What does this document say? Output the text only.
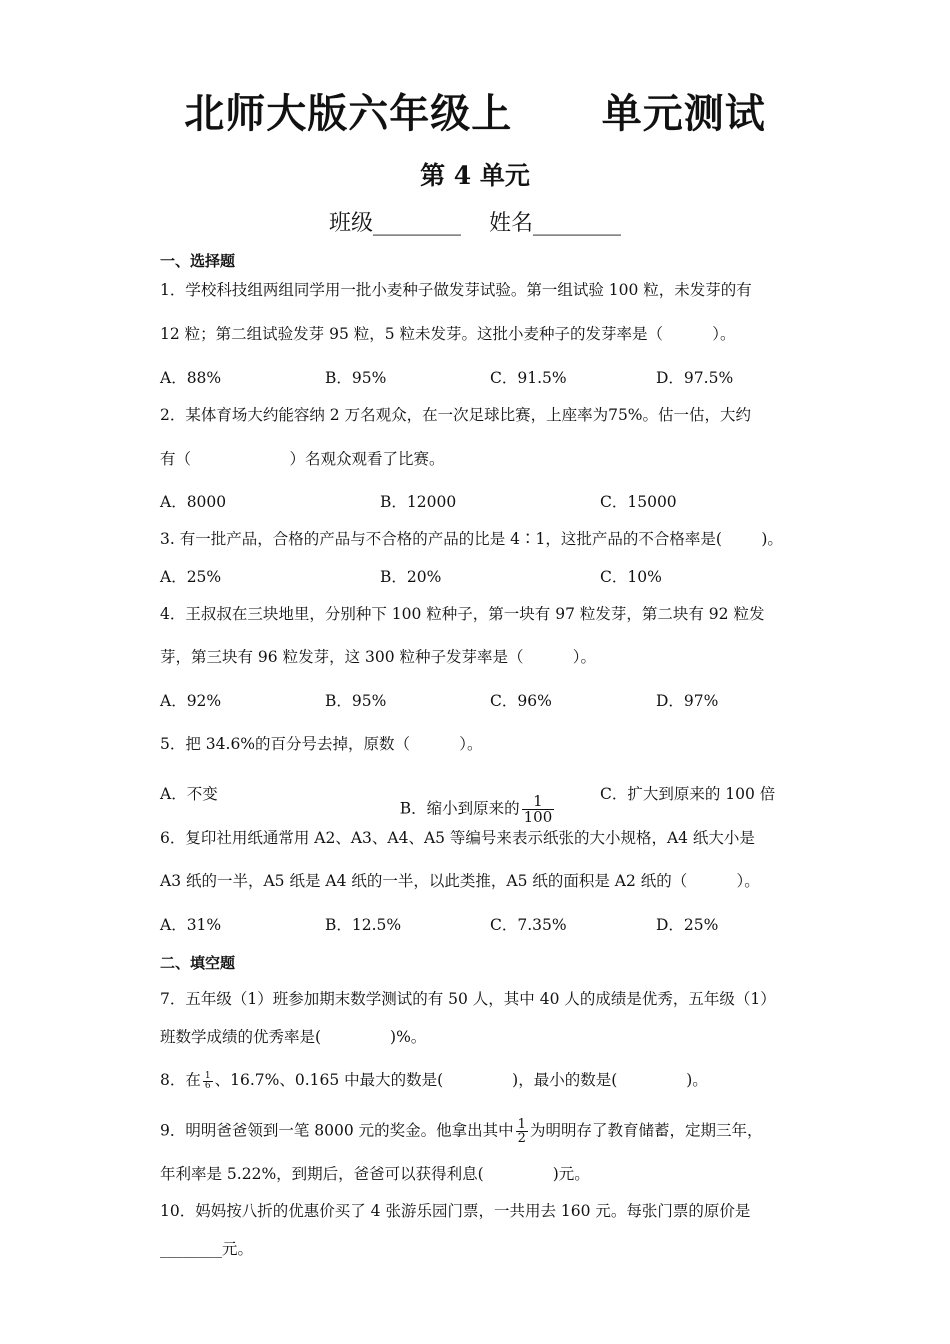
北师大版六年级上      单元测试
第 4 单元
班级________    姓名________
一、选择题
1．学校科技组两组同学用一批小麦种子做发芽试验。第一组试验 100 粒，未发芽的有
12 粒；第二组试验发芽 95 粒，5 粒未发芽。这批小麦种子的发芽率是（          ）。
A．88%	B．95%	C．91.5%	D．97.5%
2．某体育场大约能容纳 2 万名观众，在一次足球比赛，上座率为75%。估一估，大约
有（                    ）名观众观看了比赛。
A．8000	B．12000	C．15000
3. 有一批产品，合格的产品与不合格的产品的比是 4∶1，这批产品的不合格率是(        )。
A．25%	B．20%	C．10%
4．王叔叔在三块地里，分别种下 100 粒种子，第一块有 97 粒发芽，第二块有 92 粒发
芽，第三块有 96 粒发芽，这 300 粒种子发芽率是（          ）。
A．92%	B．95%	C．96%	D．97%
5．把 34.6%的百分号去掉，原数（          ）。
A．不变

B．缩小到原来的 $\frac{1}{100}$

	C．扩大到原来的 100 倍
6．复印社用纸通常用 A2、A3、A4、A5 等编号来表示纸张的大小规格，A4 纸大小是
A3 纸的一半，A5 纸是 A4 纸的一半，以此类推，A5 纸的面积是 A2 纸的（          ）。
A．31%	B．12.5%	C．7.35%	D．25%
二、填空题
7．五年级（1）班参加期末数学测试的有 50 人，其中 40 人的成绩是优秀，五年级（1）
班数学成绩的优秀率是(              )%。
8．在 $\frac{1}{6}$ 、16.7%、0.165 中最大的数是(              )，最小的数是(              )。
9．明明爸爸领到一笔 8000 元的奖金。他拿出其中 $\frac{1}{2}$ 为明明存了教育储蓄，定期三年，
年利率是 5.22%，到期后，爸爸可以获得利息(              )元。
10．妈妈按八折的优惠价买了 4 张游乐园门票，一共用去 160 元。每张门票的原价是
________元。
